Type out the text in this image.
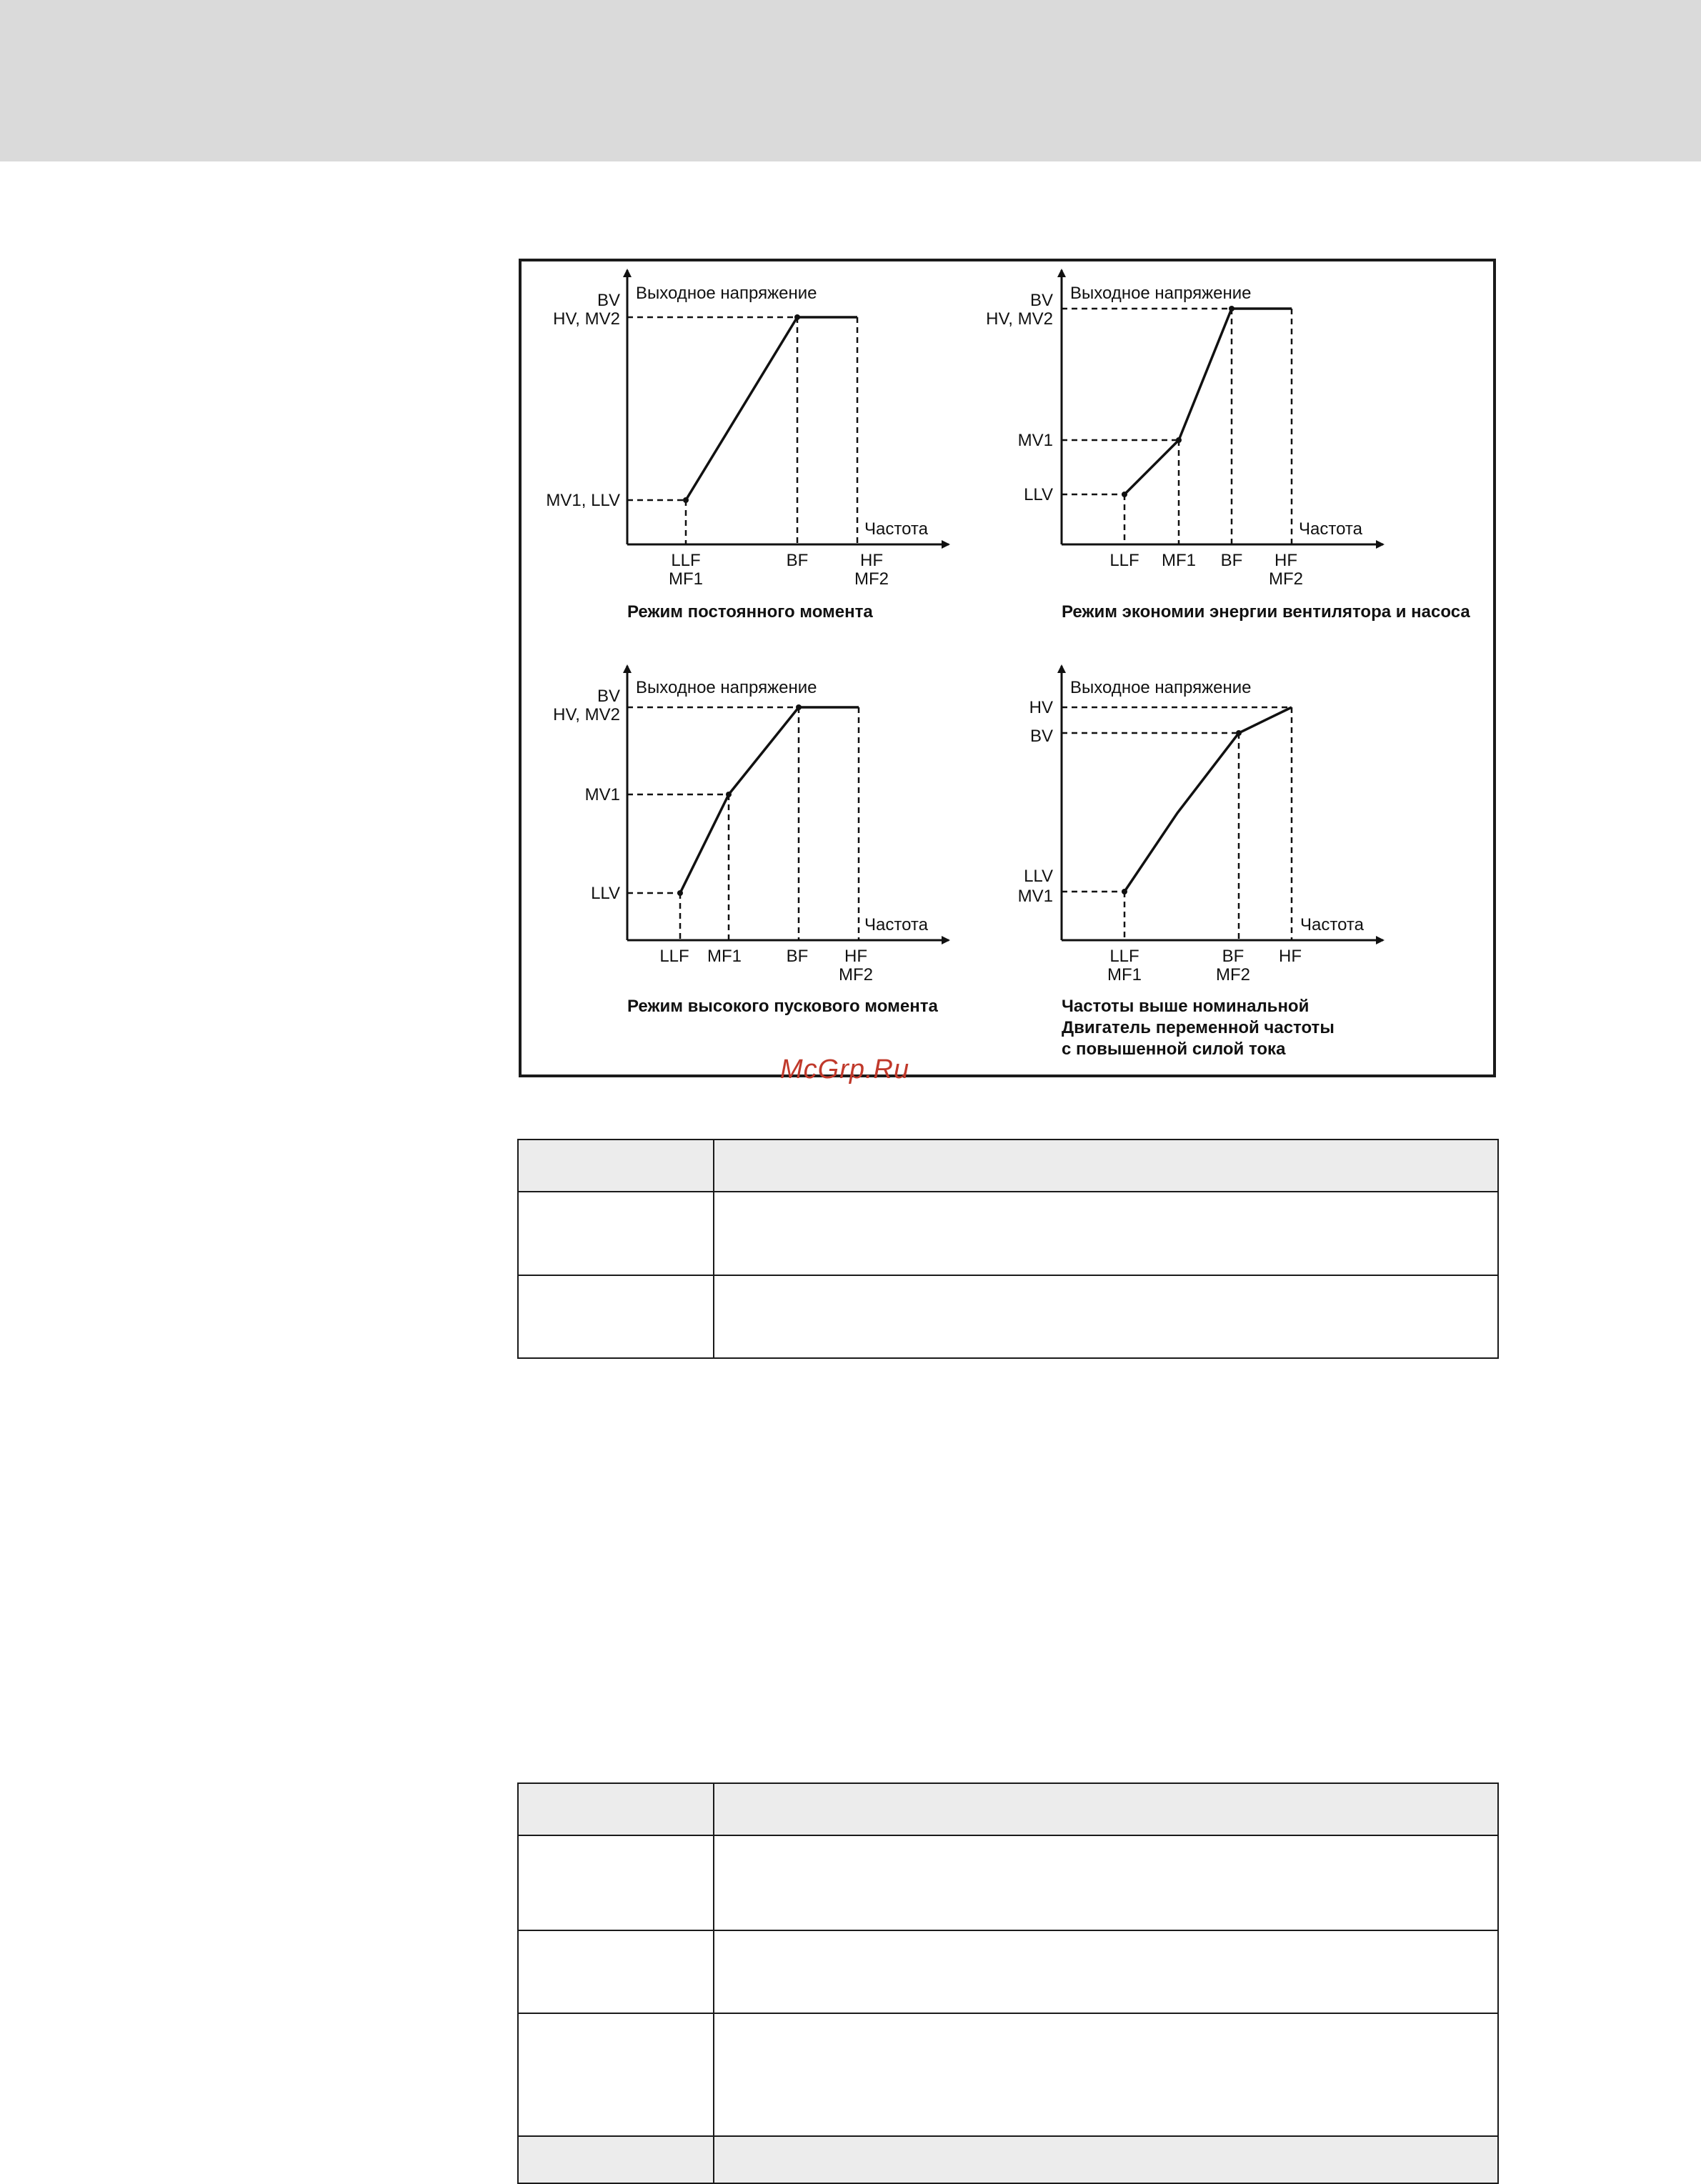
Выходное напряжение
Частота
BV
HV, MV2
MV1, LLV
LLF
MF1
BF	HF
MF2
Режим постоянного момента
Выходное напряжение
Частота
BV
HV, MV2
MV1
LLV
LLF MF1 BF HF
MF2
Режим экономии энергии вентилятора и насоса
Выходное напряжение
Частота
BV
HV, MV2
MV1
LLV
LLF MF1	BF HF
MF2
Режим высокого пускового момента
Выходное напряжение
Частота
HV
BV
LLV
MV1
LLF
MF1
BF
MF2
HF
Частоты выше номинальной
Двигатель переменной частоты
с повышенной силой тока
McGrp.Ru
